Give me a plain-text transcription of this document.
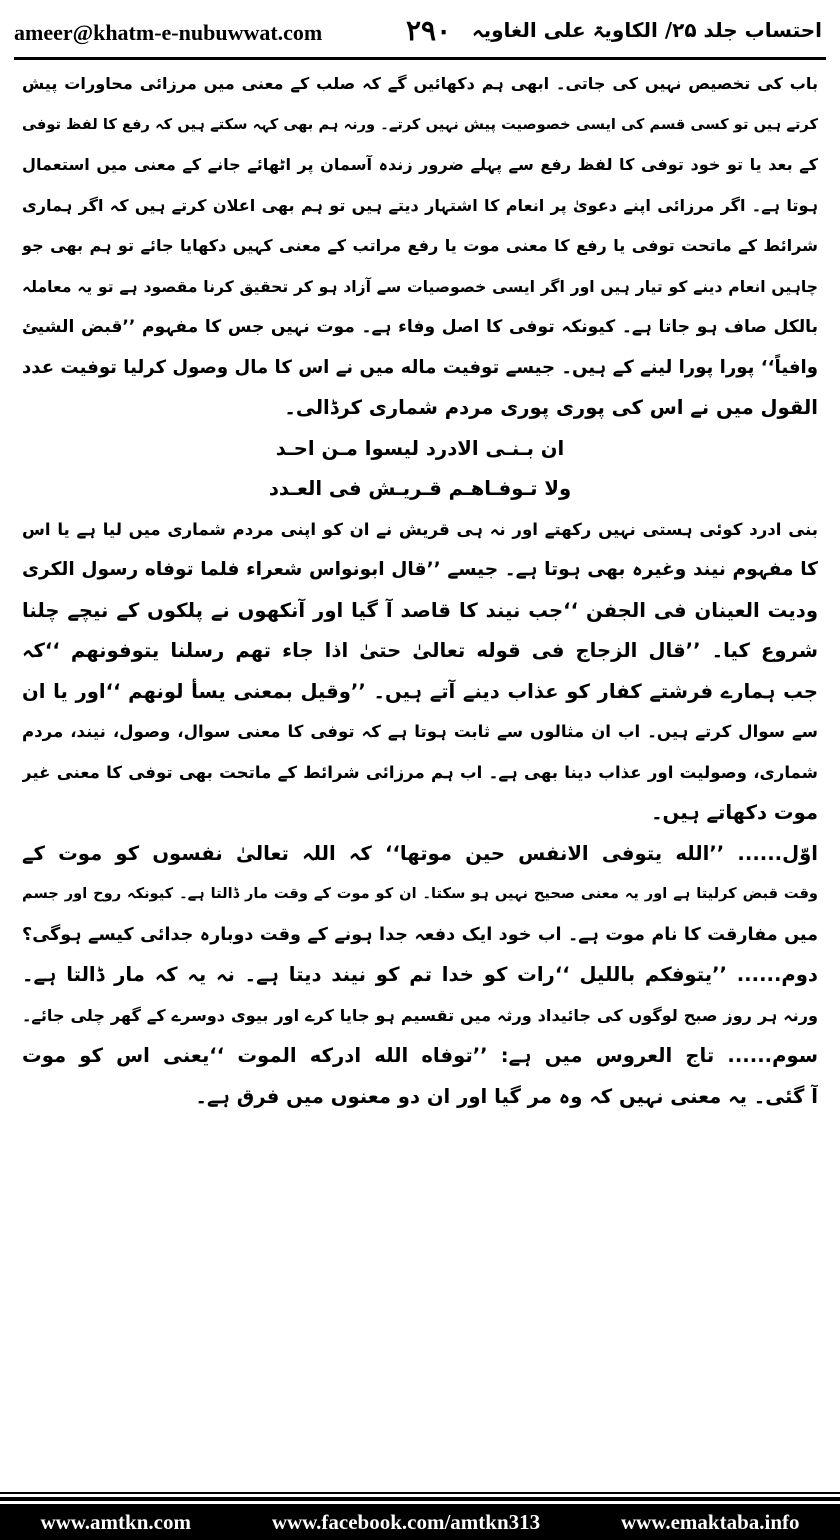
ameer@khatm-e-nubuwwat.com	۲۹۰ احتساب جلد ۲۵/ الکاویۃ علی الغاویہ
باب کی تخصیص نہیں کی جاتی۔ ابھی ہم دکھائیں گے کہ صلب کے معنی میں مرزائی محاورات پیش
کرتے ہیں تو کسی قسم کی ایسی خصوصیت پیش نہیں کرتے۔ ورنہ ہم بھی کہہ سکتے ہیں کہ رفع کا لفظ توفی
کے بعد یا تو خود توفی کا لفظ رفع سے پہلے ضرور زندہ آسمان پر اٹھائے جانے کے معنی میں استعمال
ہوتا ہے۔ اگر مرزائی اپنے دعویٰ پر انعام کا اشتہار دیتے ہیں تو ہم بھی اعلان کرتے ہیں کہ اگر ہماری
شرائط کے ماتحت توفی یا رفع کا معنی موت یا رفع مراتب کے معنی کہیں دکھایا جائے تو ہم بھی جو
چاہیں انعام دینے کو تیار ہیں اور اگر ایسی خصوصیات سے آزاد ہو کر تحقیق کرنا مقصود ہے تو یہ معاملہ
بالکل صاف ہو جاتا ہے۔ کیونکہ توفی کا اصل وفاء ہے۔ موت نہیں جس کا مفہوم ’’قبض الشیئ
وافیاً‘‘ پورا پورا لینے کے ہیں۔ جیسے توفیت ماله میں نے اس کا مال وصول کرلیا توفیت عدد
القول میں نے اس کی پوری پوری مردم شماری کرڈالی۔
ان بـنـی الادرد لیسوا مـن احـد
ولا تـوفـاهـم قـريـش فی العـدد
بنی ادرد کوئی ہستی نہیں رکھتے اور نہ ہی قریش نے ان کو اپنی مردم شماری میں لیا ہے یا اس
کا مفہوم نیند وغیرہ بھی ہوتا ہے۔ جیسے ’’قال ابونواس شعراء فلما توفاه رسول الکری
ودیت العینان فی الجفن ‘‘جب نیند کا قاصد آ گیا اور آنکھوں نے پلکوں کے نیچے چلنا
شروع کیا۔ ’’قال الزجاج فی قوله تعالیٰ حتیٰ اذا جاء تهم رسلنا یتوفونهم ‘‘کہ
جب ہمارے فرشتے کفار کو عذاب دینے آتے ہیں۔ ’’وقیل بمعنی یسأ لونهم ‘‘اور یا ان
سے سوال کرتے ہیں۔ اب ان مثالوں سے ثابت ہوتا ہے کہ توفی کا معنی سوال، وصول، نیند، مردم
شماری، وصولیت اور عذاب دینا بھی ہے۔ اب ہم مرزائی شرائط کے ماتحت بھی توفی کا معنی غیر
موت دکھاتے ہیں۔
اوّل...... ’’الله یتوفی الانفس حین موتها‘‘ کہ اللہ تعالیٰ نفسوں کو موت کے
وقت قبض کرلیتا ہے اور یہ معنی صحیح نہیں ہو سکتا۔ ان کو موت کے وقت مار ڈالتا ہے۔ کیونکہ روح اور جسم
میں مفارقت کا نام موت ہے۔ اب خود ایک دفعہ جدا ہونے کے وقت دوبارہ جدائی کیسے ہوگی؟
دوم...... ’’یتوفکم باللیل ‘‘رات کو خدا تم کو نیند دیتا ہے۔ نہ یہ کہ مار ڈالتا ہے۔
ورنہ ہر روز صبح لوگوں کی جائیداد ورثہ میں تقسیم ہو جایا کرے اور بیوی دوسرے کے گھر چلی جائے۔
سوم...... تاج العروس میں ہے: ’’توفاه الله ادرکه الموت ‘‘یعنی اس کو موت
آ گئی۔ یہ معنی نہیں کہ وہ مر گیا اور ان دو معنوں میں فرق ہے۔
www.amtkn.com	www.facebook.com/amtkn313	www.emaktaba.info
